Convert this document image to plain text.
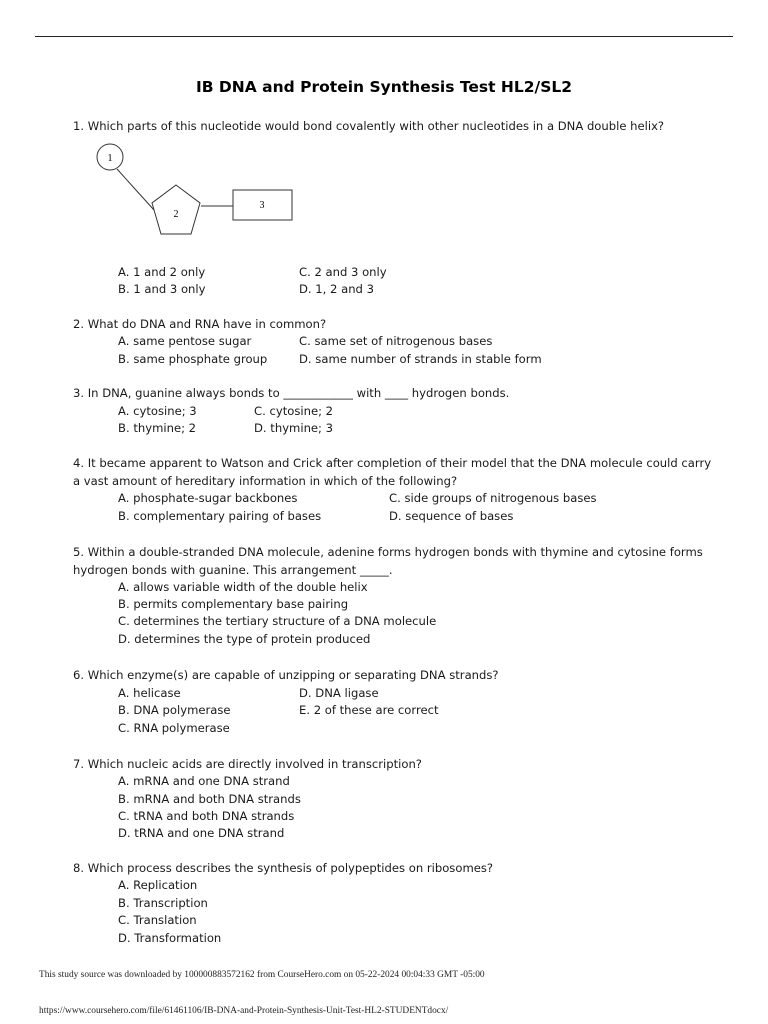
IB DNA and Protein Synthesis Test HL2/SL2
1. Which parts of this nucleotide would bond covalently with other nucleotides in a DNA double helix?
1
2
3
A. 1 and 2 only	C. 2 and 3 only
B. 1 and 3 only	D. 1, 2 and 3
2. What do DNA and RNA have in common?
A. same pentose sugar	C. same set of nitrogenous bases
B. same phosphate group	D. same number of strands in stable form
3. In DNA, guanine always bonds to ____________ with ____ hydrogen bonds.
A. cytosine; 3	C. cytosine; 2
B. thymine; 2	D. thymine; 3
4. It became apparent to Watson and Crick after completion of their model that the DNA molecule could carry a vast amount of hereditary information in which of the following?
A. phosphate-sugar backbones	C. side groups of nitrogenous bases
B. complementary pairing of bases	D. sequence of bases
5. Within a double-stranded DNA molecule, adenine forms hydrogen bonds with thymine and cytosine forms hydrogen bonds with guanine. This arrangement _____.
A. allows variable width of the double helix
B. permits complementary base pairing
C. determines the tertiary structure of a DNA molecule
D. determines the type of protein produced
6. Which enzyme(s) are capable of unzipping or separating DNA strands?
A. helicase	D. DNA ligase
B. DNA polymerase	E. 2 of these are correct
C. RNA polymerase
7. Which nucleic acids are directly involved in transcription?
A. mRNA and one DNA strand
B. mRNA and both DNA strands
C. tRNA and both DNA strands
D. tRNA and one DNA strand
8. Which process describes the synthesis of polypeptides on ribosomes?
A. Replication
B. Transcription
C. Translation
D. Transformation
This study source was downloaded by 100000883572162 from CourseHero.com on 05-22-2024 00:04:33 GMT -05:00
https://www.coursehero.com/file/61461106/IB-DNA-and-Protein-Synthesis-Unit-Test-HL2-STUDENTdocx/
